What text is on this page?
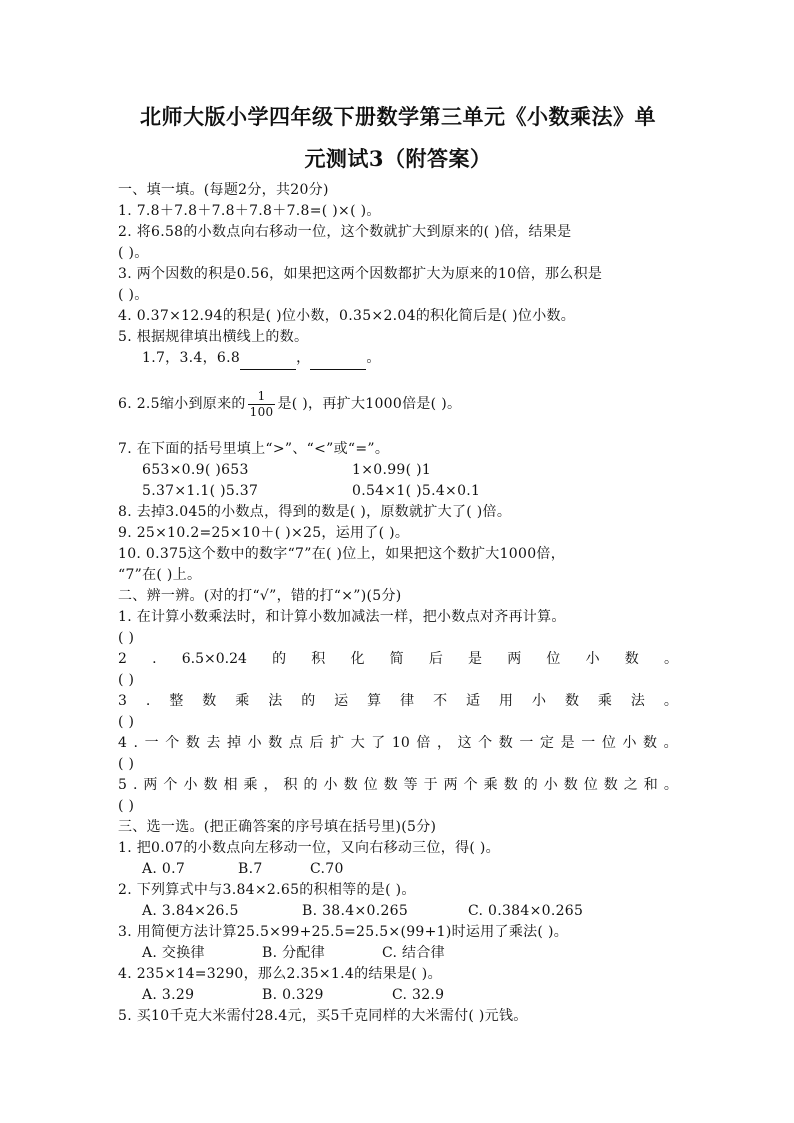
北师大版小学四年级下册数学第三单元《小数乘法》单
元测试3（附答案）
一、填一填。(每题2分，共20分)
1. 7.8＋7.8＋7.8＋7.8＋7.8=( )×( )。
2. 将6.58的小数点向右移动一位，这个数就扩大到原来的( )倍，结果是
( )。
3. 两个因数的积是0.56，如果把这两个因数都扩大为原来的10倍，那么积是
( )。
4. 0.37×12.94的积是( )位小数，0.35×2.04的积化简后是( )位小数。
5. 根据规律填出横线上的数。
1.7，3.4，6.8	，	。
6. 2.5缩小到原来的 $\frac{1}{100}$ 是( )，再扩大1000倍是( )。
7. 在下面的括号里填上“>”、“<”或“=”。
653×0.9( )653	1×0.99( )1
5.37×1.1( )5.37	0.54×1( )5.4×0.1
8. 去掉3.045的小数点，得到的数是( )，原数就扩大了( )倍。
9. 25×10.2=25×10＋( )×25，运用了( )。
10. 0.375这个数中的数字“7”在( )位上，如果把这个数扩大1000倍，
“7”在( )上。
二、辨一辨。(对的打“√”，错的打“×”)(5分)
1. 在计算小数乘法时，和计算小数加减法一样，把小数点对齐再计算。
( )
2 . 6.5×0.24 的 积 化 简 后 是 两 位 小 数 。
( )
3 . 整 数 乘 法 的 运 算 律 不 适 用 小 数 乘 法 。
( )
4 . 一 个 数 去 掉 小 数 点 后 扩 大 了 10 倍 ， 这 个 数 一 定 是 一 位 小 数 。
( )
5 . 两 个 小 数 相 乘 ， 积 的 小 数 位 数 等 于 两 个 乘 数 的 小 数 位 数 之 和 。
( )
三、选一选。(把正确答案的序号填在括号里)(5分)
1. 把0.07的小数点向左移动一位，又向右移动三位，得( )。
A. 0.7	B.7	C.70
2. 下列算式中与3.84×2.65的积相等的是( )。
A. 3.84×26.5	B. 38.4×0.265	C. 0.384×0.265
3. 用简便方法计算25.5×99+25.5=25.5×(99+1)时运用了乘法( )。
A. 交换律	B. 分配律	C. 结合律
4. 235×14=3290，那么2.35×1.4的结果是( )。
A. 3.29	B. 0.329	C. 32.9
5. 买10千克大米需付28.4元，买5千克同样的大米需付( )元钱。
